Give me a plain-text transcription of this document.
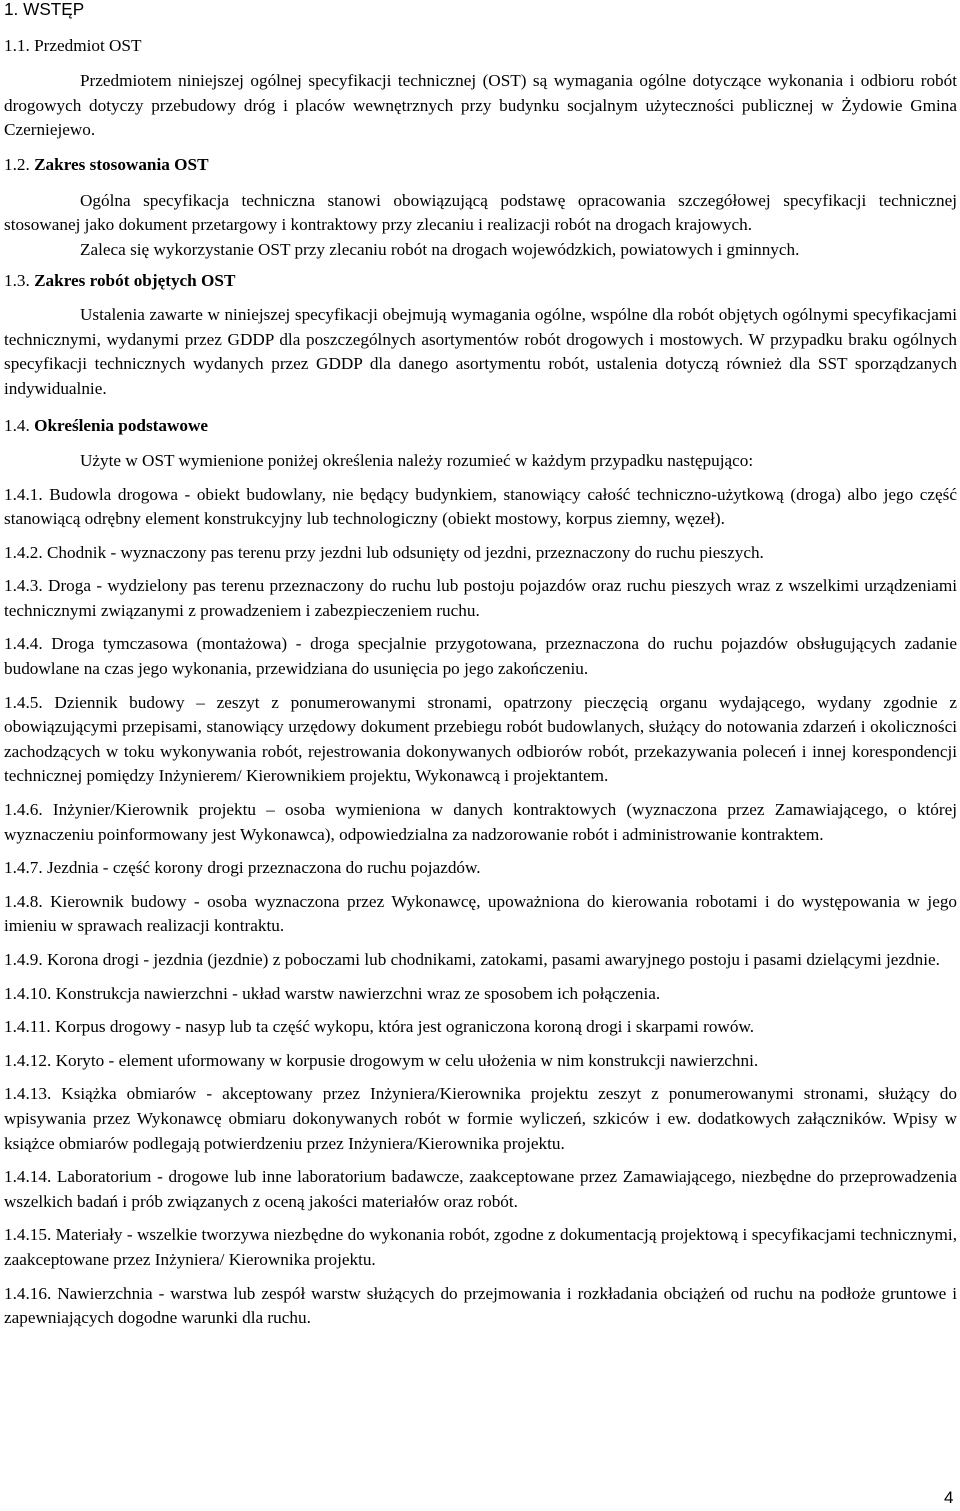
1. WSTĘP
1.1. Przedmiot OST
Przedmiotem niniejszej ogólnej specyfikacji technicznej (OST) są wymagania ogólne dotyczące wykonania i odbioru robót drogowych dotyczy przebudowy dróg i placów wewnętrznych przy budynku socjalnym użyteczności publicznej w Żydowie Gmina Czerniejewo.
1.2. Zakres stosowania OST
Ogólna specyfikacja techniczna stanowi obowiązującą podstawę opracowania szczegółowej specyfikacji technicznej stosowanej jako dokument przetargowy i kontraktowy przy zlecaniu i realizacji robót na drogach krajowych.
Zaleca się wykorzystanie OST przy zlecaniu robót na drogach wojewódzkich, powiatowych i gminnych.
1.3. Zakres robót objętych OST
Ustalenia zawarte w niniejszej specyfikacji obejmują wymagania ogólne, wspólne dla robót objętych ogólnymi specyfikacjami technicznymi, wydanymi przez GDDP dla poszczególnych asortymentów robót drogowych i mostowych. W przypadku braku ogólnych specyfikacji technicznych wydanych przez GDDP dla danego asortymentu robót, ustalenia dotyczą również dla SST sporządzanych indywidualnie.
1.4. Określenia podstawowe
Użyte w OST wymienione poniżej określenia należy rozumieć w każdym przypadku następująco:
1.4.1. Budowla drogowa - obiekt budowlany, nie będący budynkiem, stanowiący całość techniczno-użytkową (droga) albo jego część stanowiącą odrębny element konstrukcyjny lub technologiczny (obiekt mostowy, korpus ziemny, węzeł).
1.4.2. Chodnik - wyznaczony pas terenu przy jezdni lub odsunięty od jezdni, przeznaczony do ruchu pieszych.
1.4.3. Droga - wydzielony pas terenu przeznaczony do ruchu lub postoju pojazdów oraz ruchu pieszych wraz z wszelkimi urządzeniami technicznymi związanymi z prowadzeniem i zabezpieczeniem ruchu.
1.4.4. Droga tymczasowa (montażowa) - droga specjalnie przygotowana, przeznaczona do ruchu pojazdów obsługujących zadanie budowlane na czas jego wykonania, przewidziana do usunięcia po jego zakończeniu.
1.4.5. Dziennik budowy – zeszyt z ponumerowanymi stronami, opatrzony pieczęcią organu wydającego, wydany zgodnie z obowiązującymi przepisami, stanowiący urzędowy dokument przebiegu robót budowlanych, służący do notowania zdarzeń i okoliczności zachodzących w toku wykonywania robót, rejestrowania dokonywanych odbiorów robót, przekazywania poleceń i innej korespondencji technicznej pomiędzy Inżynierem/ Kierownikiem projektu, Wykonawcą i projektantem.
1.4.6. Inżynier/Kierownik projektu – osoba wymieniona w danych kontraktowych (wyznaczona przez Zamawiającego, o której wyznaczeniu poinformowany jest Wykonawca), odpowiedzialna za nadzorowanie robót i administrowanie kontraktem.
1.4.7. Jezdnia - część korony drogi przeznaczona do ruchu pojazdów.
1.4.8. Kierownik budowy - osoba wyznaczona przez Wykonawcę, upoważniona do kierowania robotami i do występowania w jego imieniu w sprawach realizacji kontraktu.
1.4.9. Korona drogi - jezdnia (jezdnie) z poboczami lub chodnikami, zatokami, pasami awaryjnego postoju i pasami dzielącymi jezdnie.
1.4.10. Konstrukcja nawierzchni - układ warstw nawierzchni wraz ze sposobem ich połączenia.
1.4.11. Korpus drogowy - nasyp lub ta część wykopu, która jest ograniczona koroną drogi i skarpami rowów.
1.4.12. Koryto - element uformowany w korpusie drogowym w celu ułożenia w nim konstrukcji nawierzchni.
1.4.13. Książka obmiarów - akceptowany przez Inżyniera/Kierownika projektu zeszyt z ponumerowanymi stronami, służący do wpisywania przez Wykonawcę obmiaru dokonywanych robót w formie wyliczeń, szkiców i ew. dodatkowych załączników. Wpisy w książce obmiarów podlegają potwierdzeniu przez Inżyniera/Kierownika projektu.
1.4.14. Laboratorium - drogowe lub inne laboratorium badawcze, zaakceptowane przez Zamawiającego, niezbędne do przeprowadzenia wszelkich badań i prób związanych z oceną jakości materiałów oraz robót.
1.4.15. Materiały - wszelkie tworzywa niezbędne do wykonania robót, zgodne z dokumentacją projektową i specyfikacjami technicznymi, zaakceptowane przez Inżyniera/ Kierownika projektu.
1.4.16. Nawierzchnia - warstwa lub zespół warstw służących do przejmowania i rozkładania obciążeń od ruchu na podłoże gruntowe i zapewniających dogodne warunki dla ruchu.
4
